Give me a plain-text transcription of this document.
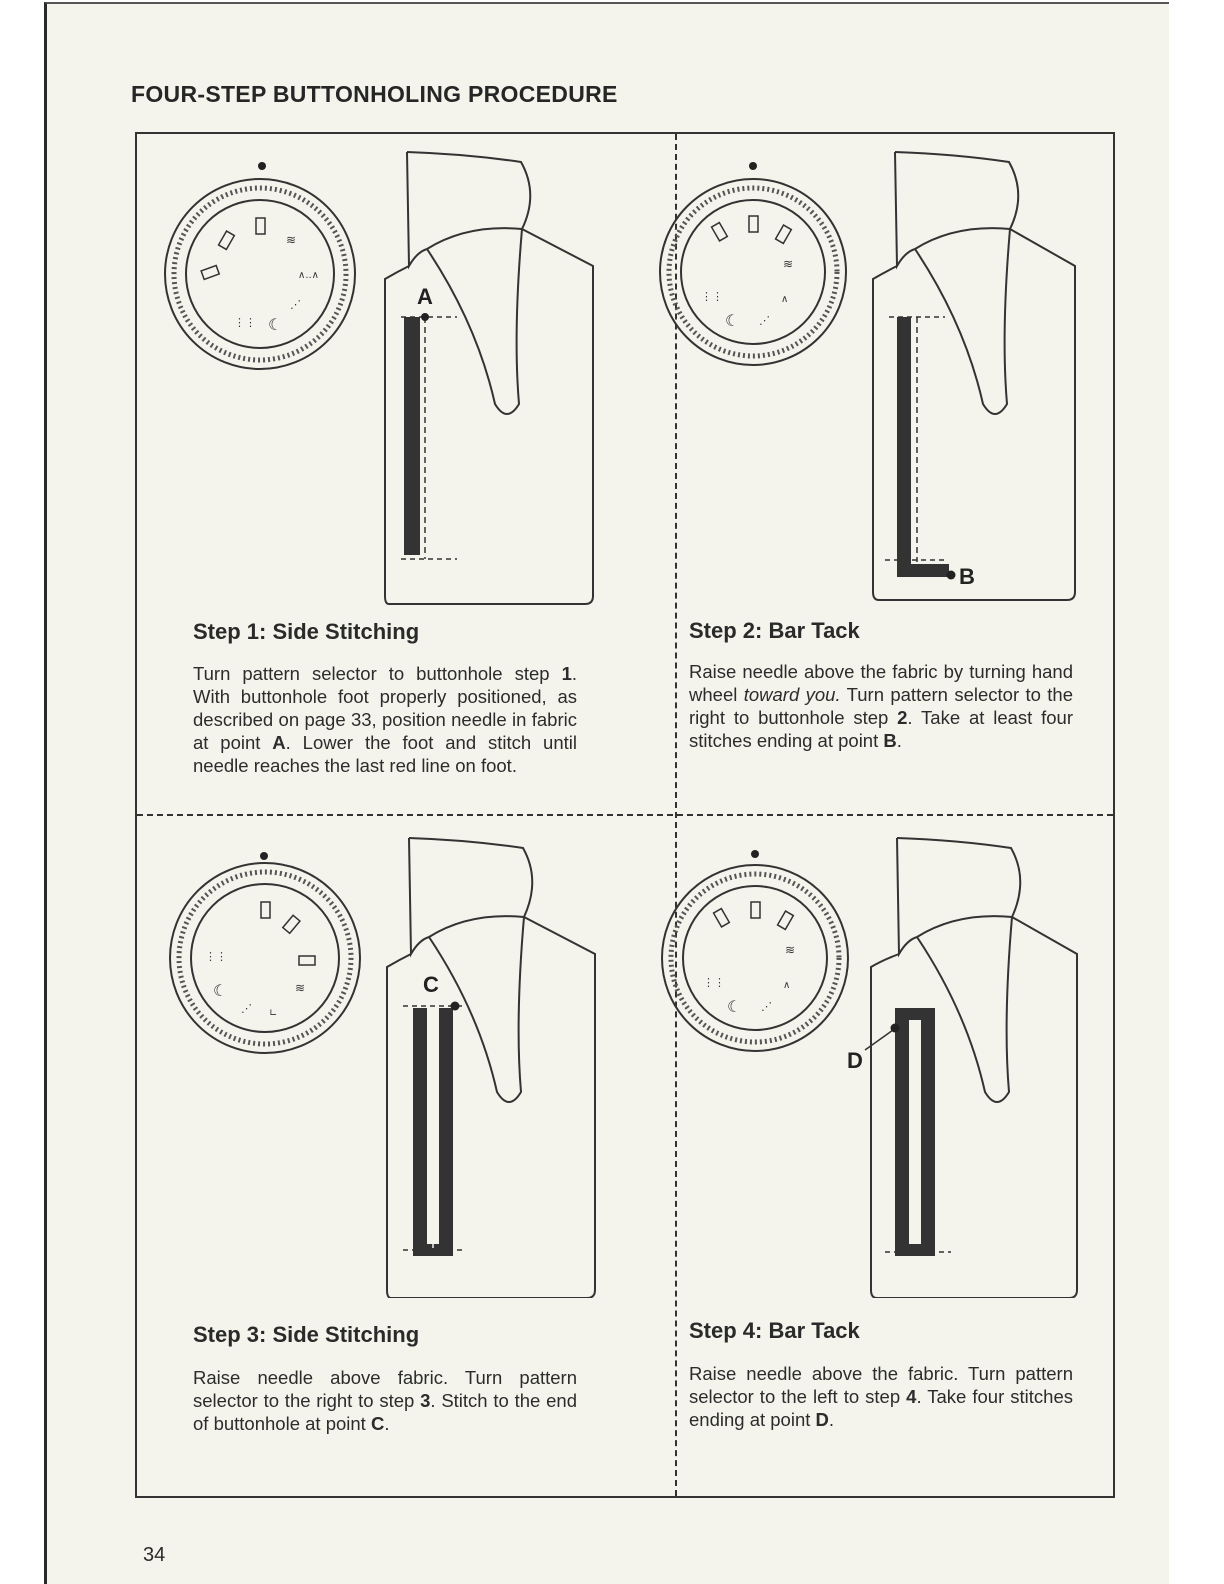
FOUR-STEP BUTTONHOLING PROCEDURE
≋
∧..∧
⋰
☾
⋮⋮
A
Step 1: Side Stitching
Turn pattern selector to buttonhole step 1. With buttonhole foot properly positioned, as described on page 33, position needle in fabric at point A. Lower the foot and stitch until needle reaches the last red line on foot.
≋
∧
⋰
☾
⋮⋮
B
Step 2: Bar Tack
Raise needle above the fabric by turning hand wheel toward you. Turn pattern selector to the right to buttonhole step 2. Take at least four stitches ending at point B.
≋
∟
⋰
☾
⋮⋮
C
Step 3: Side Stitching
Raise needle above fabric. Turn pattern selector to the right to step 3. Stitch to the end of buttonhole at point C.
≋
∧
⋰
☾
⋮⋮
D
Step 4: Bar Tack
Raise needle above the fabric. Turn pattern selector to the left to step 4. Take four stitches ending at point D.
34
